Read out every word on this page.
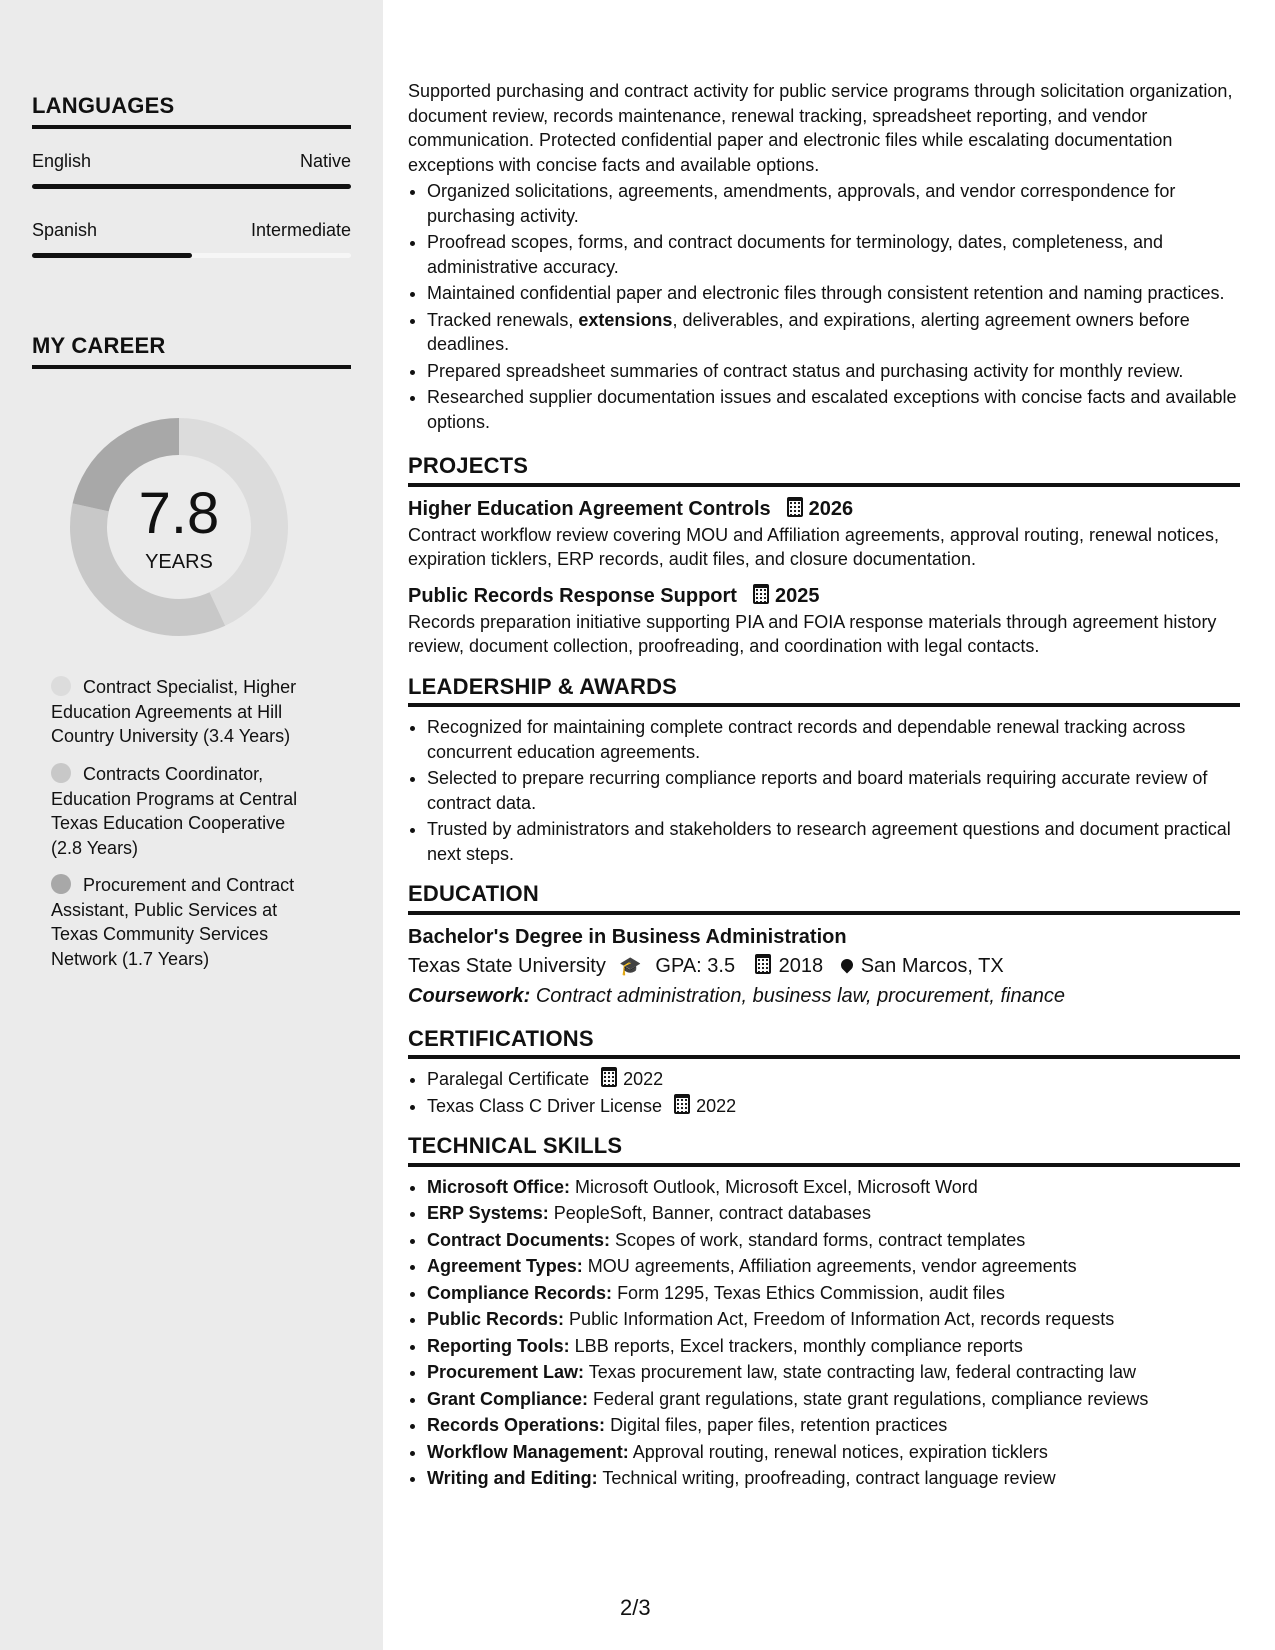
LANGUAGES
English	Native
Spanish	Intermediate
MY CAREER
7.8
YEARS
Contract Specialist, Higher Education Agreements at Hill Country University (3.4 Years)
Contracts Coordinator, Education Programs at Central Texas Education Cooperative (2.8 Years)
Procurement and Contract Assistant, Public Services at Texas Community Services Network (1.7 Years)

Supported purchasing and contract activity for public service programs through solicitation organization, document review, records maintenance, renewal tracking, spreadsheet reporting, and vendor communication. Protected confidential paper and electronic files while escalating documentation exceptions with concise facts and available options.

• Organized solicitations, agreements, amendments, approvals, and vendor correspondence for purchasing activity.
• Proofread scopes, forms, and contract documents for terminology, dates, completeness, and administrative accuracy.
• Maintained confidential paper and electronic files through consistent retention and naming practices.
• Tracked renewals, extensions, deliverables, and expirations, alerting agreement owners before deadlines.
• Prepared spreadsheet summaries of contract status and purchasing activity for monthly review.
• Researched supplier documentation issues and escalated exceptions with concise facts and available options.
PROJECTS
Higher Education Agreement Controls 2026

Contract workflow review covering MOU and Affiliation agreements, approval routing, renewal notices, expiration ticklers, ERP records, audit files, and closure documentation.

Public Records Response Support 2025

Records preparation initiative supporting PIA and FOIA response materials through agreement history review, document collection, proofreading, and coordination with legal contacts.

LEADERSHIP & AWARDS
• Recognized for maintaining complete contract records and dependable renewal tracking across concurrent education agreements.
• Selected to prepare recurring compliance reports and board materials requiring accurate review of contract data.
• Trusted by administrators and stakeholders to research agreement questions and document practical next steps.
EDUCATION
Bachelor's Degree in Business Administration
Texas State University 🎓 GPA: 3.5 2018 San Marcos, TX
Coursework: Contract administration, business law, procurement, finance
CERTIFICATIONS
• Paralegal Certificate 2022
• Texas Class C Driver License 2022
TECHNICAL SKILLS
• Microsoft Office: Microsoft Outlook, Microsoft Excel, Microsoft Word
• ERP Systems: PeopleSoft, Banner, contract databases
• Contract Documents: Scopes of work, standard forms, contract templates
• Agreement Types: MOU agreements, Affiliation agreements, vendor agreements
• Compliance Records: Form 1295, Texas Ethics Commission, audit files
• Public Records: Public Information Act, Freedom of Information Act, records requests
• Reporting Tools: LBB reports, Excel trackers, monthly compliance reports
• Procurement Law: Texas procurement law, state contracting law, federal contracting law
• Grant Compliance: Federal grant regulations, state grant regulations, compliance reviews
• Records Operations: Digital files, paper files, retention practices
• Workflow Management: Approval routing, renewal notices, expiration ticklers
• Writing and Editing: Technical writing, proofreading, contract language review
2/3
